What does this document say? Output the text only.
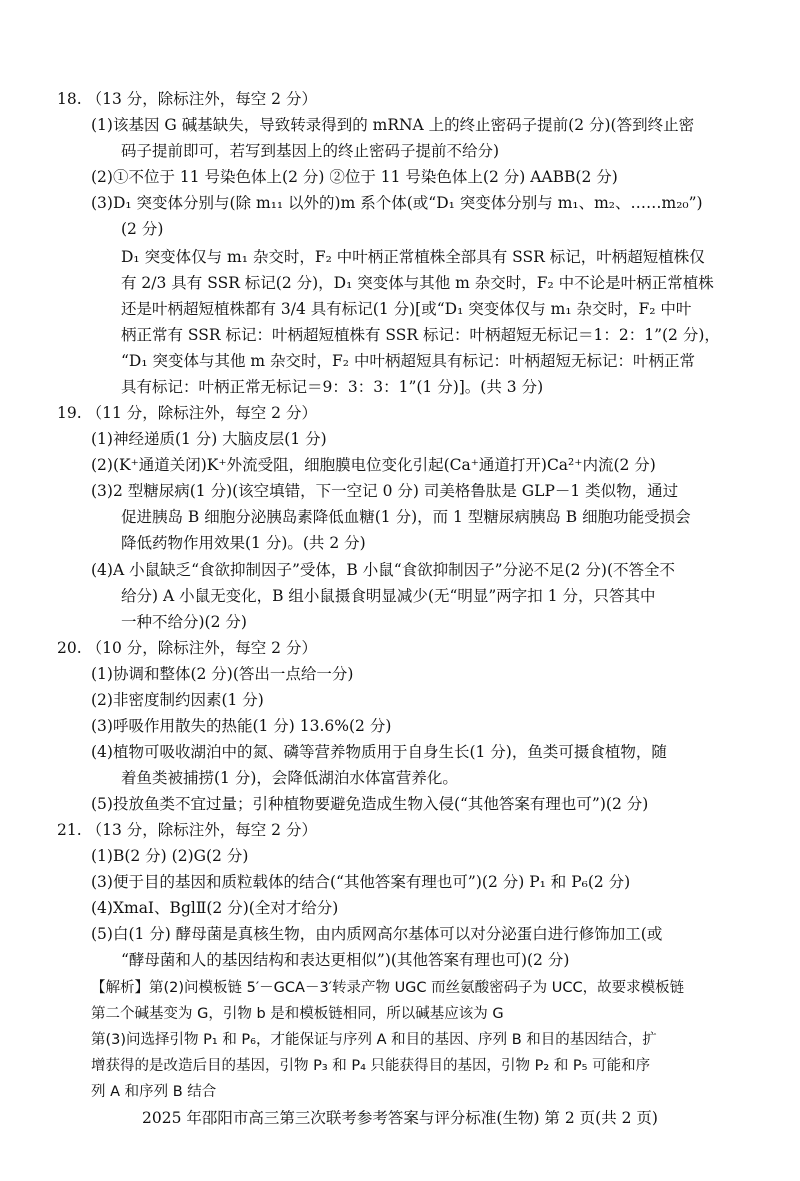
18. （13 分，除标注外，每空 2 分）
(1)该基因 G 碱基缺失，导致转录得到的 mRNA 上的终止密码子提前(2 分)(答到终止密
码子提前即可，若写到基因上的终止密码子提前不给分)
(2)①不位于 11 号染色体上(2 分) ②位于 11 号染色体上(2 分) AABB(2 分)
(3)D₁ 突变体分别与(除 m₁₁ 以外的)m 系个体(或“D₁ 突变体分别与 m₁、m₂、……m₂₀”)
(2 分)
D₁ 突变体仅与 m₁ 杂交时，F₂ 中叶柄正常植株全部具有 SSR 标记，叶柄超短植株仅
有 2/3 具有 SSR 标记(2 分)，D₁ 突变体与其他 m 杂交时，F₂ 中不论是叶柄正常植株
还是叶柄超短植株都有 3/4 具有标记(1 分)[或“D₁ 突变体仅与 m₁ 杂交时，F₂ 中叶
柄正常有 SSR 标记：叶柄超短植株有 SSR 标记：叶柄超短无标记＝1：2：1”(2 分)，
“D₁ 突变体与其他 m 杂交时，F₂ 中叶柄超短具有标记：叶柄超短无标记：叶柄正常
具有标记：叶柄正常无标记＝9：3：3：1”(1 分)]。(共 3 分)
19. （11 分，除标注外，每空 2 分）
(1)神经递质(1 分) 大脑皮层(1 分)
(2)(K⁺通道关闭)K⁺外流受阻，细胞膜电位变化引起(Ca⁺通道打开)Ca²⁺内流(2 分)
(3)2 型糖尿病(1 分)(该空填错，下一空记 0 分) 司美格鲁肽是 GLP－1 类似物，通过
促进胰岛 B 细胞分泌胰岛素降低血糖(1 分)，而 1 型糖尿病胰岛 B 细胞功能受损会
降低药物作用效果(1 分)。(共 2 分)
(4)A 小鼠缺乏“食欲抑制因子”受体，B 小鼠“食欲抑制因子”分泌不足(2 分)(不答全不
给分) A 小鼠无变化，B 组小鼠摄食明显减少(无“明显”两字扣 1 分，只答其中
一种不给分)(2 分)
20. （10 分，除标注外，每空 2 分）
(1)协调和整体(2 分)(答出一点给一分)
(2)非密度制约因素(1 分)
(3)呼吸作用散失的热能(1 分) 13.6%(2 分)
(4)植物可吸收湖泊中的氮、磷等营养物质用于自身生长(1 分)，鱼类可摄食植物，随
着鱼类被捕捞(1 分)，会降低湖泊水体富营养化。
(5)投放鱼类不宜过量；引种植物要避免造成生物入侵(“其他答案有理也可”)(2 分)
21. （13 分，除标注外，每空 2 分）
(1)B(2 分) (2)G(2 分)
(3)便于目的基因和质粒载体的结合(“其他答案有理也可”)(2 分) P₁ 和 P₆(2 分)
(4)XmaⅠ、BglⅡ(2 分)(全对才给分)
(5)白(1 分) 酵母菌是真核生物，由内质网高尔基体可以对分泌蛋白进行修饰加工(或
“酵母菌和人的基因结构和表达更相似”)(其他答案有理也可)(2 分)
【解析】第(2)问模板链 5′－GCA－3′转录产物 UGC 而丝氨酸密码子为 UCC，故要求模板链
第二个碱基变为 G，引物 b 是和模板链相同，所以碱基应该为 G
第(3)问选择引物 P₁ 和 P₆，才能保证与序列 A 和目的基因、序列 B 和目的基因结合，扩
增获得的是改造后目的基因，引物 P₃ 和 P₄ 只能获得目的基因，引物 P₂ 和 P₅ 可能和序
列 A 和序列 B 结合
2025 年邵阳市高三第三次联考参考答案与评分标准(生物) 第 2 页(共 2 页)
